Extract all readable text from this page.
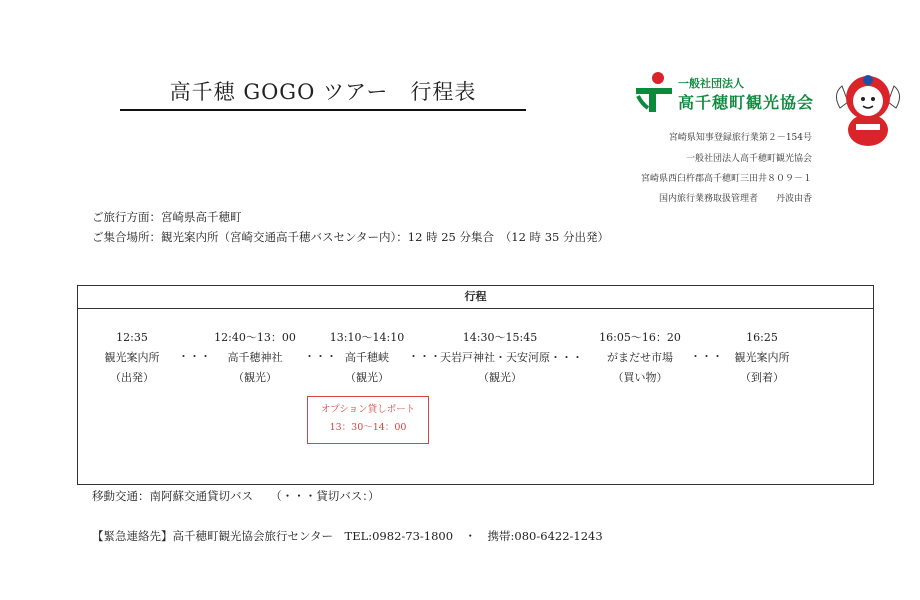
高千穂 GOGO ツアー　行程表	一般社団法人
高千穂町観光協会
宮崎県知事登録旅行業第２－154号
一般社団法人高千穂町観光協会
宮崎県西臼杵郡高千穂町三田井８０９－１
国内旅行業務取扱管理者　　丹波由香
ご旅行方面：宮崎県高千穂町
ご集合場所：観光案内所（宮崎交通高千穂バスセンター内）：12 時 25 分集合　（12 時 35 分出発）
行程
12:35
観光案内所
（出発）
・・・
12:40～13：00
高千穂神社
（観光）
・・・
13:10～14:10
高千穂峡
（観光）
・・・
14:30～15:45
天岩戸神社・天安河原・・・
（観光）
16:05～16：20
がまだせ市場
（買い物）
・・・
16:25
観光案内所
（到着）
オプション貸しボート
13：30～14：00
移動交通：南阿蘇交通貸切バス　　（・・・貸切バス：）
【緊急連絡先】高千穂町観光協会旅行センター　TEL:0982-73-1800　・　携帯:080-6422-1243
